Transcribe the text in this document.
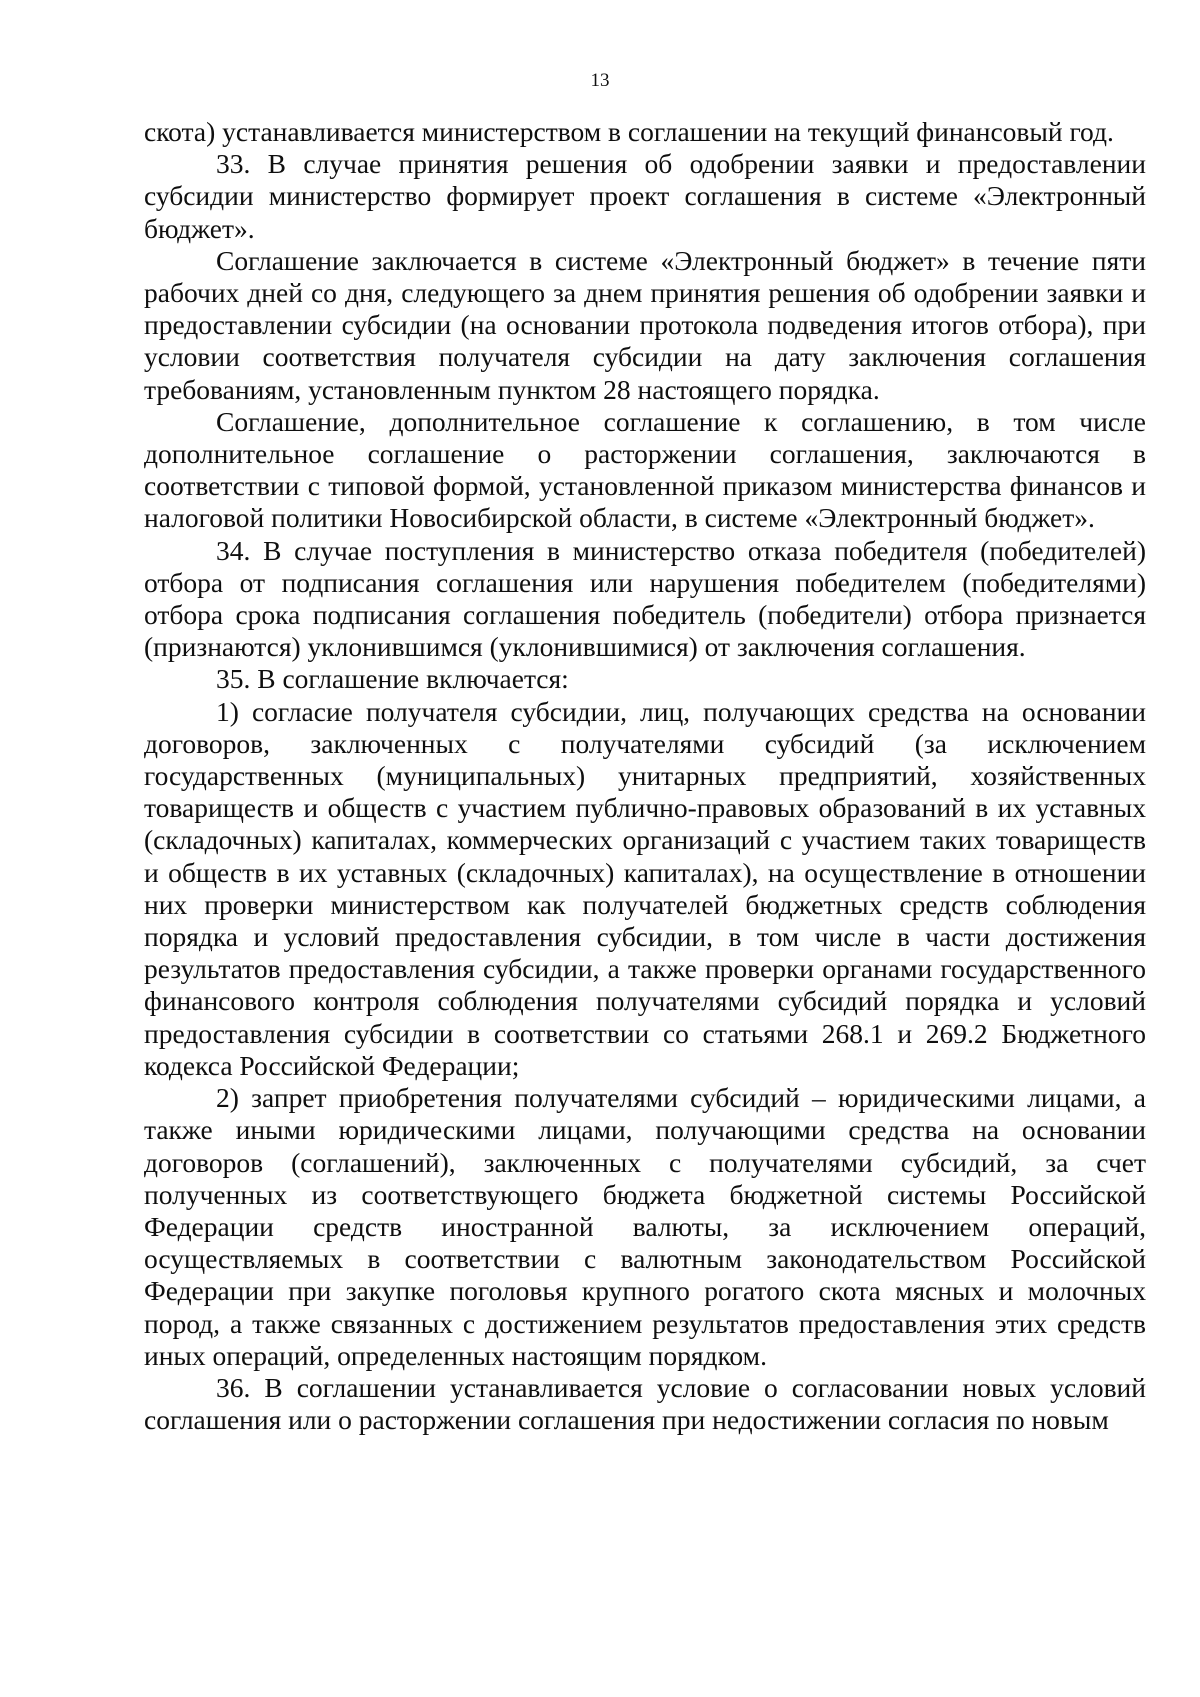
13

скота) устанавливается министерством в соглашении на текущий финансовый год.

33. В случае принятия решения об одобрении заявки и предоставлении субсидии министерство формирует проект соглашения в системе «Электронный бюджет».

Соглашение заключается в системе «Электронный бюджет» в течение пяти рабочих дней со дня, следующего за днем принятия решения об одобрении заявки и предоставлении субсидии (на основании протокола подведения итогов отбора), при условии соответствия получателя субсидии на дату заключения соглашения требованиям, установленным пунктом 28 настоящего порядка.

Соглашение, дополнительное соглашение к соглашению, в том числе дополнительное соглашение о расторжении соглашения, заключаются в соответствии с типовой формой, установленной приказом министерства финансов и налоговой политики Новосибирской области, в системе «Электронный бюджет».

34. В случае поступления в министерство отказа победителя (победителей) отбора от подписания соглашения или нарушения победителем (победителями) отбора срока подписания соглашения победитель (победители) отбора признается (признаются) уклонившимся (уклонившимися) от заключения соглашения.

35. В соглашение включается:

1) согласие получателя субсидии, лиц, получающих средства на основании договоров, заключенных с получателями субсидий (за исключением государственных (муниципальных) унитарных предприятий, хозяйственных товариществ и обществ с участием публично-правовых образований в их уставных (складочных) капиталах, коммерческих организаций с участием таких товариществ и обществ в их уставных (складочных) капиталах), на осуществление в отношении них проверки министерством как получателей бюджетных средств соблюдения порядка и условий предоставления субсидии, в том числе в части достижения результатов предоставления субсидии, а также проверки органами государственного финансового контроля соблюдения получателями субсидий порядка и условий предоставления субсидии в соответствии со статьями 268.1 и 269.2 Бюджетного кодекса Российской Федерации;

2) запрет приобретения получателями субсидий – юридическими лицами, а также иными юридическими лицами, получающими средства на основании договоров (соглашений), заключенных с получателями субсидий, за счет полученных из соответствующего бюджета бюджетной системы Российской Федерации средств иностранной валюты, за исключением операций, осуществляемых в соответствии с валютным законодательством Российской Федерации при закупке поголовья крупного рогатого скота мясных и молочных пород, а также связанных с достижением результатов предоставления этих средств иных операций, определенных настоящим порядком.

36. В соглашении устанавливается условие о согласовании новых условий соглашения или о расторжении соглашения при недостижении согласия по новым
